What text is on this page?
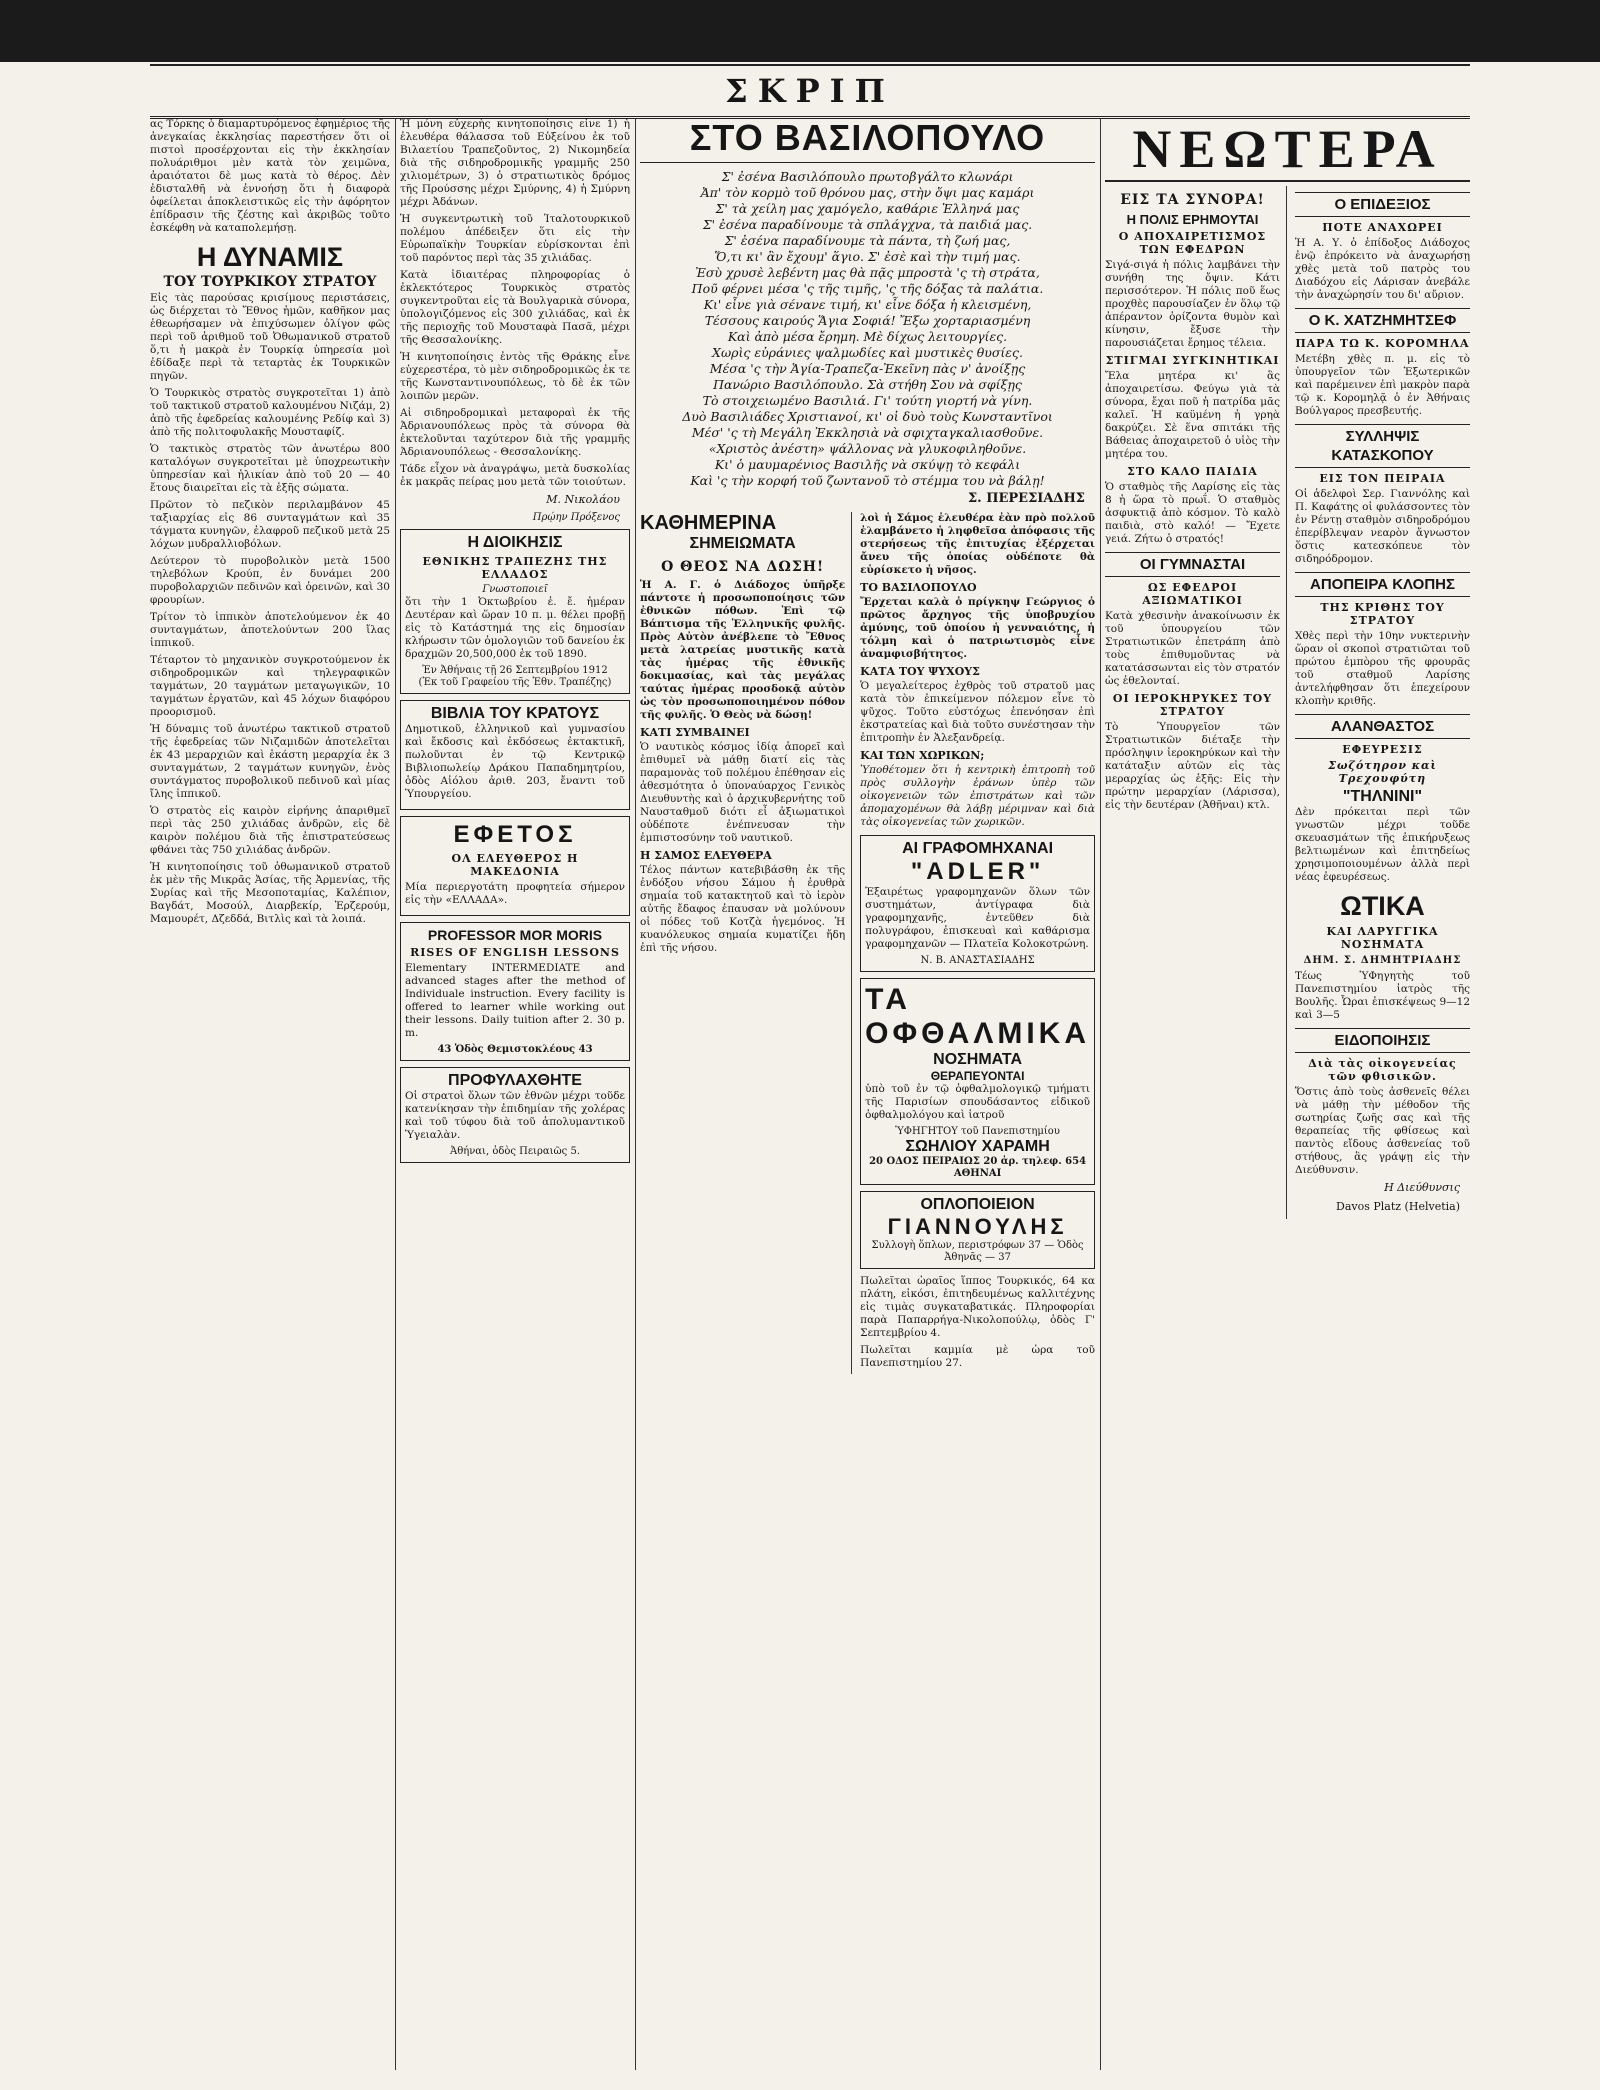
ΣΚΡΙΠ

ας Τόρκης ὁ διαμαρτυρόμενος ἐφημέριος τῆς ἀνεγκαίας ἐκκλησίας παρεστήσεν ὅτι οἱ πιστοὶ προσέρχονται εἰς τὴν ἐκκλησίαν πολυάριθμοι μὲν κατὰ τὸν χειμῶνα, ἀραιότατοι δὲ μως κατὰ τὸ θέρος. Δὲν ἐδισταλθῆ νὰ ἐννοήσῃ ὅτι ἡ διαφορὰ ὀφείλεται ἀποκλειστικῶς εἰς τὴν ἀφόρητον ἐπίδρασιν τῆς ζέστης καὶ ἀκριβῶς τοῦτο ἐσκέφθη νὰ καταπολεμήσῃ.

Η ΔΥΝΑΜΙΣ
ΤΟΥ ΤΟΥΡΚΙΚΟΥ ΣΤΡΑΤΟΥ

Εἰς τὰς παρούσας κρισίμους περιστάσεις, ὡς διέρχεται τὸ Ἔθνος ἡμῶν, καθῆκον μας ἐθεωρήσαμεν νὰ ἐπιχύσωμεν ὀλίγον φῶς περὶ τοῦ ἀριθμοῦ τοῦ Ὀθωμανικοῦ στρατοῦ ὅ,τι ἡ μακρὰ ἐν Τουρκίᾳ ὑπηρεσία μοὶ ἐδίδαξε περὶ τὰ τεταρτὰς ἐκ Τουρκικῶν πηγῶν.

Ὁ Τουρκικὸς στρατὸς συγκροτεῖται 1) ἀπὸ τοῦ τακτικοῦ στρατοῦ καλουμένου Νιζάμ, 2) ἀπὸ τῆς ἐφεδρείας καλουμένης Ρεδίφ καὶ 3) ἀπὸ τῆς πολιτοφυλακῆς Μουσταφίζ.

Ὁ τακτικὸς στρατὸς τῶν ἀνωτέρω 800 καταλόγων συγκροτεῖται μὲ ὑποχρεωτικὴν ὑπηρεσίαν καὶ ἡλικίαν ἀπὸ τοῦ 20 — 40 ἔτους διαιρεῖται εἰς τὰ ἑξῆς σώματα.

Πρῶτον τὸ πεζικὸν περιλαμβάνον 45 ταξιαρχίας εἰς 86 συνταγμάτων καὶ 35 τάγματα κυνηγῶν, ἐλαφροῦ πεζικοῦ μετὰ 25 λόχων μυδραλλιοβόλων.

Δεύτερον τὸ πυροβολικὸν μετὰ 1500 τηλεβόλων Κρούπ, ἐν δυνάμει 200 πυροβολαρχιῶν πεδινῶν καὶ ὀρεινῶν, καὶ 30 φρουρίων.

Τρίτον τὸ ἱππικὸν ἀποτελούμενον ἐκ 40 συνταγμάτων, ἀποτελούντων 200 ἴλας ἱππικοῦ.

Τέταρτον τὸ μηχανικὸν συγκροτούμενον ἐκ σιδηροδρομικῶν καὶ τηλεγραφικῶν ταγμάτων, 20 ταγμάτων μεταγωγικῶν, 10 ταγμάτων ἐργατῶν, καὶ 45 λόχων διαφόρου προορισμοῦ.

Ἡ δύναμις τοῦ ἀνωτέρω τακτικοῦ στρατοῦ τῆς ἐφεδρείας τῶν Νιζαμιδῶν ἀποτελεῖται ἐκ 43 μεραρχιῶν καὶ ἑκάστη μεραρχία ἐκ 3 συνταγμάτων, 2 ταγμάτων κυνηγῶν, ἑνὸς συντάγματος πυροβολικοῦ πεδινοῦ καὶ μίας ἴλης ἱππικοῦ.

Ὁ στρατὸς εἰς καιρὸν εἰρήνης ἀπαριθμεῖ περὶ τὰς 250 χιλιάδας ἀνδρῶν, εἰς δὲ καιρὸν πολέμου διὰ τῆς ἐπιστρατεύσεως φθάνει τὰς 750 χιλιάδας ἀνδρῶν.

Ἡ κινητοποίησις τοῦ ὀθωμανικοῦ στρατοῦ ἐκ μὲν τῆς Μικρᾶς Ἀσίας, τῆς Ἀρμενίας, τῆς Συρίας καὶ τῆς Μεσοποταμίας, Καλέπιον, Βαγδάτ, Μοσούλ, Διαρβεκίρ, Ἐρζερούμ, Μαμουρέτ, Δζεδδά, Βιτλὶς καὶ τὰ λοιπά.

Ἡ μόνη εὐχερὴς κινητοποίησις εἶνε 1) ἡ ἐλευθέρα θάλασσα τοῦ Εὐξείνου ἐκ τοῦ Βιλαετίου Τραπεζοῦντος, 2) Νικομηδεία διὰ τῆς σιδηροδρομικῆς γραμμῆς 250 χιλιομέτρων, 3) ὁ στρατιωτικὸς δρόμος τῆς Προύσσης μέχρι Σμύρνης, 4) ἡ Σμύρνη μέχρι Ἀδάνων.

Ἡ συγκεντρωτικὴ τοῦ Ἰταλοτουρκικοῦ πολέμου ἀπέδειξεν ὅτι εἰς τὴν Εὐρωπαϊκὴν Τουρκίαν εὑρίσκονται ἐπὶ τοῦ παρόντος περὶ τὰς 35 χιλιάδας.

Κατὰ ἰδιαιτέρας πληροφορίας ὁ ἐκλεκτότερος Τουρκικὸς στρατὸς συγκεντροῦται εἰς τὰ Βουλγαρικὰ σύνορα, ὑπολογιζόμενος εἰς 300 χιλιάδας, καὶ ἐκ τῆς περιοχῆς τοῦ Μουσταφὰ Πασᾶ, μέχρι τῆς Θεσσαλονίκης.

Ἡ κινητοποίησις ἐντὸς τῆς Θράκης εἶνε εὐχερεστέρα, τὸ μὲν σιδηροδρομικῶς ἐκ τε τῆς Κωνσταντινουπόλεως, τὸ δὲ ἐκ τῶν λοιπῶν μερῶν.

Αἱ σιδηροδρομικαὶ μεταφοραὶ ἐκ τῆς Ἀδριανουπόλεως πρὸς τὰ σύνορα θὰ ἐκτελοῦνται ταχύτερον διὰ τῆς γραμμῆς Ἀδριανουπόλεως - Θεσσαλονίκης.

Τάδε εἶχον νὰ ἀναγράψω, μετὰ δυσκολίας ἐκ μακρᾶς πείρας μου μετὰ τῶν τοιούτων.

Μ. Νικολάου
Πρῴην Πρόξενος
Η ΔΙΟΙΚΗΣΙΣ
ΕΘΝΙΚΗΣ ΤΡΑΠΕΖΗΣ ΤΗΣ ΕΛΛΑΔΟΣ
Γνωστοποιεῖ

ὅτι τὴν 1 Ὀκτωβρίου ἐ. ἔ. ἡμέραν Δευτέραν καὶ ὥραν 10 π. μ. θέλει προβῇ εἰς τὸ Κατάστημά της εἰς δημοσίαν κλήρωσιν τῶν ὁμολογιῶν τοῦ δανείου ἐκ δραχμῶν 20,500,000 ἐκ τοῦ 1890.

Ἐν Ἀθήναις τῇ 26 Σεπτεμβρίου 1912
(Ἐκ τοῦ Γραφείου τῆς Ἐθν. Τραπέζης)
ΒΙΒΛΙΑ ΤΟΥ ΚΡΑΤΟΥΣ

Δημοτικοῦ, ἑλληνικοῦ καὶ γυμνασίου καὶ ἔκδοσις καὶ ἐκδόσεως ἐκτακτικῆ, πωλοῦνται ἐν τῷ Κεντρικῷ Βιβλιοπωλείῳ Δράκου Παπαδημητρίου, ὁδὸς Αἰόλου ἀριθ. 203, ἔναντι τοῦ Ὑπουργείου.

ΕΦΕΤΟΣ
ΟΛ ΕΛΕΥΘΕΡΟΣ Η ΜΑΚΕΔΟΝΙΑ

Μία περιεργοτάτη προφητεία σήμερον εἰς τὴν «ΕΛΛΑΔΑ».

PROFESSOR MOR MORIS
RISES OF ENGLISH LESSONS

Elementary INTERMEDIATE and advanced stages after the method of Individuale instruction. Every facility is offered to learner while working out their lessons. Daily tuition after 2. 30 p. m.

43 Ὁδὸς Θεμιστοκλέους 43
ΠΡΟΦΥΛΑΧΘΗΤΕ

Οἱ στρατοὶ ὅλων τῶν ἐθνῶν μέχρι τοῦδε κατενίκησαν τὴν ἐπιδημίαν τῆς χολέρας καὶ τοῦ τύφου διὰ τοῦ ἀπολυμαντικοῦ Ὑγειαλὰν.

Ἀθήναι, ὁδὸς Πειραιῶς 5.
ΣΤΟ ΒΑΣΙΛΟΠΟΥΛΟ
Σ' ἐσένα Βασιλόπουλο πρωτοβγάλτο κλωνάρι
Ἀπ' τὸν κορμὸ τοῦ θρόνου μας, στὴν ὄψι μας καμάρι
Σ' τὰ χείλη μας χαμόγελο, καθάριε Ἑλληνά μας
Σ' ἐσένα παραδίνουμε τὰ σπλάγχνα, τὰ παιδιά μας.
Σ' ἐσένα παραδίνουμε τὰ πάντα, τὴ ζωή μας,
Ὅ,τι κι' ἂν ἔχουμ' ἅγιο. Σ' ἐσὲ καὶ τὴν τιμή μας.
Ἐσὺ χρυσὲ λεβέντη μας θὰ πᾷς μπροστὰ 'ς τὴ στράτα,
Ποῦ φέρνει μέσα 'ς τῆς τιμῆς, 'ς τῆς δόξας τὰ παλάτια.
Κι' εἶνε γιὰ σένανε τιμή, κι' εἶνε δόξα ἡ κλεισμένη,
Τέσσους καιρούς Ἅγια Σοφιά! Ἔξω χορταριασμένη
Καὶ ἀπὸ μέσα ἔρημη. Μὲ δίχως λειτουργίες.
Χωρὶς εὐράνιες ψαλμωδίες καὶ μυστικὲς θυσίες.
Μέσα 'ς τὴν Ἁγία-Τραπεζα-Ἐκεῖνη πὰς ν' ἀνοίξῃς
Πανώριο Βασιλόπουλο. Σὰ στήθη Σου νὰ σφίξῃς
Τὸ στοιχειωμένο Βασιλιά. Γι' τούτη γιορτή νὰ γίνη.
Δυὸ Βασιλιάδες Χριστιανοί, κι' οἱ δυὸ τοὺς Κωνσταντῖνοι
Μέσ' 'ς τὴ Μεγάλη Ἐκκλησιὰ νὰ σφιχταγκαλιασθοῦνε.
«Χριστὸς ἀνέστη» ψάλλονας νὰ γλυκοφιληθοῦνε.
Κι' ὁ μαυμαρένιος Βασιλῆς νὰ σκύψῃ τὸ κεφάλι
Καὶ 'ς τὴν κορφή τοῦ ζωντανοῦ τὸ στέμμα του νὰ βάλῃ!
Σ. ΠΕΡΕΣΙΑΔΗΣ
ΚΑΘΗΜΕΡΙΝΑ
ΣΗΜΕΙΩΜΑΤΑ
Ο ΘΕΟΣ ΝΑ ΔΩΣΗ!

Ἡ Α. Γ. ὁ Διάδοχος ὑπῆρξε πάντοτε ἡ προσωποποίησις τῶν ἐθνικῶν πόθων. Ἐπὶ τῷ Βάπτισμα τῆς Ἑλληνικῆς φυλῆς. Πρὸς Αὐτὸν ἀνέβλεπε τὸ Ἔθνος μετὰ λατρείας μυστικῆς κατὰ τὰς ἡμέρας τῆς ἐθνικῆς δοκιμασίας, καὶ τὰς μεγάλας ταύτας ἡμέρας προσδοκᾷ αὐτὸν ὡς τὸν προσωποποιημένον πόθον τῆς φυλῆς. Ὁ Θεὸς νὰ δώσῃ!

ΚΑΤΙ ΣΥΜΒΑΙΝΕΙ

Ὁ ναυτικὸς κόσμος ἰδίᾳ ἀπορεῖ καὶ ἐπιθυμεῖ νὰ μάθῃ διατί εἰς τὰς παραμονὰς τοῦ πολέμου ἐπέθησαν εἰς ἀθεσμότητα ὁ ὑποναύαρχος Γενικὸς Διευθυντὴς καὶ ὁ ἀρχικυβερνήτης τοῦ Ναυσταθμοῦ διότι εἶ ἀξιωματικοὶ οὐδέποτε ἐνέπνευσαν τὴν ἐμπιστοσύνην τοῦ ναυτικοῦ.

Η ΣΑΜΟΣ ΕΛΕΥΘΕΡΑ

Τέλος πάντων κατεβιβάσθη ἐκ τῆς ἐνδόξου νήσου Σάμου ἡ ἐρυθρὰ σημαία τοῦ κατακτητοῦ καὶ τὸ ἱερὸν αὐτῆς ἔδαφος ἐπαυσαν νὰ μολύνουν οἱ πόδες τοῦ Κοτζὰ ἡγεμόνος. Ἡ κυανόλευκος σημαία κυματίζει ἤδη ἐπὶ τῆς νήσου.

λοὶ ἡ Σάμος ἐλευθέρα ἐὰν πρὸ πολλοῦ ἐλαμβάνετο ἡ ληφθεῖσα ἀπόφασις τῆς στερήσεως τῆς ἐπιτυχίας ἐξέρχεται ἄνευ τῆς ὁποίας οὐδέποτε θὰ εὑρίσκετο ἡ νῆσος.

ΤΟ ΒΑΣΙΛΟΠΟΥΛΟ

Ἔρχεται καλὰ ὁ πρίγκηψ Γεώργιος ὁ πρῶτος ἄρχηγος τῆς ὑποβρυχίου ἀμύνης, τοῦ ὁποίου ἡ γενναιότης, ἡ τόλμη καὶ ὁ πατριωτισμὸς εἶνε ἀναμφισβήτητος.

ΚΑΤΑ ΤΟΥ ΨΥΧΟΥΣ

Ὁ μεγαλείτερος ἐχθρὸς τοῦ στρατοῦ μας κατὰ τὸν ἐπικείμενον πόλεμον εἶνε τὸ ψῦχος. Τοῦτο εὐστόχως ἐπενόησαν ἐπὶ ἐκστρατείας καὶ διὰ τοῦτο συνέστησαν τὴν ἐπιτροπὴν ἐν Ἀλεξανδρείᾳ.

ΚΑΙ ΤΩΝ ΧΩΡΙΚΩΝ;

Ὑποθέτομεν ὅτι ἡ κεντρικὴ ἐπιτροπὴ τοῦ πρὸς συλλογὴν ἐράνων ὑπὲρ τῶν οἰκογενειῶν τῶν ἐπιστράτων καὶ τῶν ἀπομαχομένων θὰ λάβῃ μέριμναν καὶ διὰ τὰς οἰκογενείας τῶν χωρικῶν.

ΑΙ ΓΡΑΦΟΜΗΧΑΝΑΙ
"ADLER"

Ἐξαιρέτως γραφομηχανῶν ὅλων τῶν συστημάτων, ἀντίγραφα διὰ γραφομηχανῆς, ἐντεῦθεν διὰ πολυγράφου, ἐπισκευαὶ καὶ καθάρισμα γραφομηχανῶν — Πλατεῖα Κολοκοτρώνη.

Ν. Β. ΑΝΑΣΤΑΣΙΑΔΗΣ
ΤΑ
ΟΦΘΑΛΜΙΚΑ
ΝΟΣΗΜΑΤΑ
ΘΕΡΑΠΕΥΟΝΤΑΙ

ὑπὸ τοῦ ἐν τῷ ὀφθαλμολογικῷ τμήματι τῆς Παρισίων σπουδάσαντος εἰδικοῦ ὀφθαλμολόγου καὶ ἰατροῦ

ὙΦΗΓΗΤΟΥ τοῦ Πανεπιστημίου
ΣΩΗΛΙΟΥ ΧΑΡΑΜΗ
20 ΟΔΟΣ ΠΕΙΡΑΙΩΣ 20 ἀρ. τηλεφ. 654
ΑΘΗΝΑΙ
ΟΠΛΟΠΟΙΕΙΟΝ
ΓΙΑΝΝΟΥΛΗΣ
Συλλογὴ ὅπλων, περιστρόφων 37 — Ὁδὸς Ἀθηνᾶς — 37

Πωλεῖται ὡραῖος ἵππος Τουρκικός, 64 κα πλάτη, εἰκόσι, ἐπιτηδευμένως καλλιτέχνης εἰς τιμὰς συγκαταβατικάς. Πληροφορίαι παρὰ Παπαρρήγα-Νικολοπούλῳ, ὁδὸς Γ' Σεπτεμβρίου 4.

Πωλεῖται καμμία μὲ ὠρα τοῦ Πανεπιστημίου 27.

ΝΕΩΤΕΡΑ
ΕΙΣ ΤΑ ΣΥΝΟΡΑ!
Η ΠΟΛΙΣ ΕΡΗΜΟΥΤΑΙ
Ο ΑΠΟΧΑΙΡΕΤΙΣΜΟΣ ΤΩΝ ΕΦΕΔΡΩΝ

Σιγά-σιγά ἡ πόλις λαμβάνει τὴν συνήθη της ὄψιν. Κάτι περισσότερον. Ἡ πόλις ποῦ ἕως προχθὲς παρουσίαζεν ἐν ὅλῳ τῷ ἀπέραντον ὁρίζοντα θυμὸν καὶ κίνησιν, ἔξυσε τὴν παρουσιάζεται ἔρημος τέλεια.

ΣΤΙΓΜΑΙ ΣΥΓΚΙΝΗΤΙΚΑΙ

Ἔλα μητέρα κι' ἃς ἀποχαιρετίσω. Φεύγω γιὰ τὰ σύνορα, ἔχαι ποῦ ἡ πατρίδα μᾶς καλεῖ. Ἡ καϋμένη ἡ γρηὰ δακρύζει. Σὲ ἕνα σπιτάκι τῆς Βάθειας ἀποχαιρετοῦ ὁ υἱὸς τὴν μητέρα του.

ΣΤΟ ΚΑΛΟ ΠΑΙΔΙΑ

Ὁ σταθμὸς τῆς Λαρίσης εἰς τὰς 8 ἡ ὥρα τὸ πρωΐ. Ὁ σταθμὸς ἀσφυκτιᾷ ἀπὸ κόσμον. Τὸ καλὸ παιδιὰ, στὸ καλό! — Ἔχετε γειά. Ζήτω ὁ στρατός!

ΟΙ ΓΥΜΝΑΣΤΑΙ
ΩΣ ΕΦΕΔΡΟΙ ΑΞΙΩΜΑΤΙΚΟΙ

Κατὰ χθεσινὴν ἀνακοίνωσιν ἐκ τοῦ ὑπουργείου τῶν Στρατιωτικῶν ἐπετράπη ἀπὸ τοὺς ἐπιθυμοῦντας νὰ κατατάσσωνται εἰς τὸν στρατόν ὡς ἐθελονταί.

ΟΙ ΙΕΡΟΚΗΡΥΚΕΣ ΤΟΥ ΣΤΡΑΤΟΥ

Τὸ Ὑπουργεῖον τῶν Στρατιωτικῶν διέταξε τὴν πρόσληψιν ἱεροκηρύκων καὶ τὴν κατάταξιν αὐτῶν εἰς τὰς μεραρχίας ὡς ἑξῆς: Εἰς τὴν πρώτην μεραρχίαν (Λάρισσα), εἰς τὴν δευτέραν (Ἀθῆναι) κτλ.

Ο ΕΠΙΔΕΞΙΟΣ
ΠΟΤΕ ΑΝΑΧΩΡΕΙ

Ἡ Α. Υ. ὁ ἐπίδοξος Διάδοχος ἐνῷ ἐπρόκειτο νὰ ἀναχωρήσῃ χθὲς μετὰ τοῦ πατρὸς του Διαδόχου εἰς Λάρισαν ἀνεβάλε τὴν ἀναχώρησίν του δι' αὔριον.

Ο Κ. ΧΑΤΖΗΜΗΤΣΕΦ
ΠΑΡΑ ΤΩ Κ. ΚΟΡΟΜΗΛΑ

Μετέβη χθὲς π. μ. εἰς τὸ ὑπουργεῖον τῶν Ἐξωτερικῶν καὶ παρέμεινεν ἐπὶ μακρὸν παρὰ τῷ κ. Κορομηλᾷ ὁ ἐν Ἀθήναις Βούλγαρος πρεσβευτής.

ΣΥΛΛΗΨΙΣ ΚΑΤΑΣΚΟΠΟΥ
ΕΙΣ ΤΟΝ ΠΕΙΡΑΙΑ

Οἱ ἀδελφοὶ Σερ. Γιαννόλης καὶ Π. Καφάτης οἱ φυλάσσοντες τὸν ἐν Ρέντῃ σταθμὸν σιδηροδρόμου ἐπερίβλεψαν νεαρὸν ἄγνωστον ὅστις κατεσκόπευε τὸν σιδηρόδρομον.

ΑΠΟΠΕΙΡΑ ΚΛΟΠΗΣ
ΤΗΣ ΚΡΙΘΗΣ ΤΟΥ ΣΤΡΑΤΟΥ

Χθὲς περὶ τὴν 10ην νυκτερινὴν ὥραν οἱ σκοποὶ στρατιῶται τοῦ πρώτου ἐμπὸρου τῆς φρουρᾶς τοῦ σταθμοῦ Λαρίσης ἀντελήφθησαν ὅτι ἐπεχείρουν κλοπὴν κριθῆς.

ΑΛΑΝΘΑΣΤΟΣ
ΕΦΕΥΡΕΣΙΣ
Σωζότηρον καὶ Τρεχουφύτη
"ΤΗΛΝΙΝΙ"

Δὲν πρόκειται περὶ τῶν γνωστῶν μέχρι τοῦδε σκευασμάτων τῆς ἐπικήρυξεως βελτιωμένων καὶ ἐπιτηδείως χρησιμοποιουμένων ἀλλὰ περὶ νέας ἐφευρέσεως.

ΩΤΙΚΑ
ΚΑΙ ΛΑΡΥΓΓΙΚΑ ΝΟΣΗΜΑΤΑ
ΔΗΜ. Σ. ΔΗΜΗΤΡΙΑΔΗΣ

Τέως ὙΦηγητὴς τοῦ Πανεπιστημίου ἰατρὸς τῆς Βουλῆς. Ὧραι ἐπισκέψεως 9—12 καὶ 3—5

ΕΙΔΟΠΟΙΗΣΙΣ
Διὰ τὰς οἰκογενείας τῶν φθισικῶν.

Ὅστις ἀπὸ τοὺς ἀσθενεῖς θέλει νὰ μάθῃ τὴν μέθοδον τῆς σωτηρίας ζωῆς σας καὶ τῆς θεραπείας τῆς φθίσεως καὶ παντὸς εἴδους ἀσθενείας τοῦ στήθους, ἂς γράψῃ εἰς τὴν Διεύθυνσιν.

Η Διεύθυνσις
Davos Platz (Helvetia)
